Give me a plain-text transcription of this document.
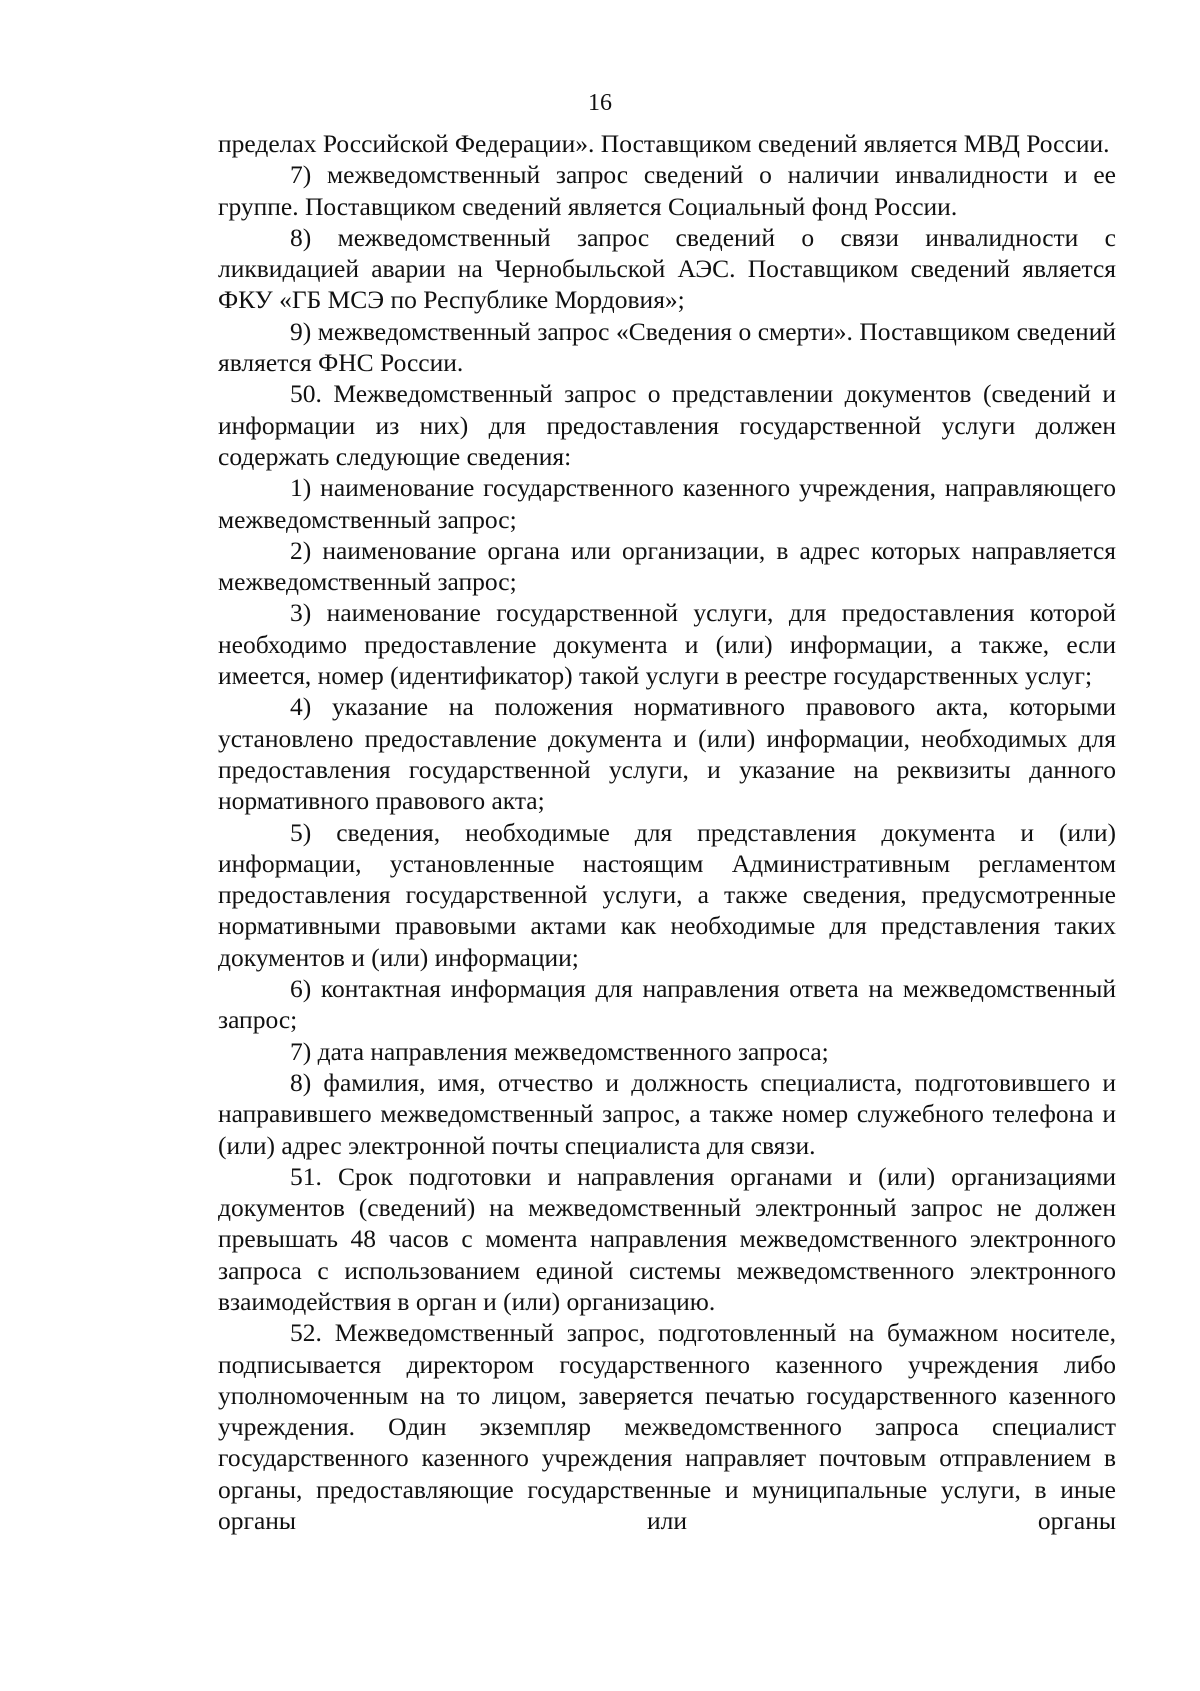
16

пределах Российской Федерации». Поставщиком сведений является МВД России.

7) межведомственный запрос сведений о наличии инвалидности и ее группе. Поставщиком сведений является Социальный фонд России.

8) межведомственный запрос сведений о связи инвалидности с ликвидацией аварии на Чернобыльской АЭС. Поставщиком сведений является ФКУ «ГБ МСЭ по Республике Мордовия»;

9) межведомственный запрос «Сведения о смерти». Поставщиком сведений является ФНС России.

50. Межведомственный запрос о представлении документов (сведений и информации из них) для предоставления государственной услуги должен содержать следующие сведения:

1) наименование государственного казенного учреждения, направляющего межведомственный запрос;

2) наименование органа или организации, в адрес которых направляется межведомственный запрос;

3) наименование государственной услуги, для предоставления которой необходимо предоставление документа и (или) информации, а также, если имеется, номер (идентификатор) такой услуги в реестре государственных услуг;

4) указание на положения нормативного правового акта, которыми установлено предоставление документа и (или) информации, необходимых для предоставления государственной услуги, и указание на реквизиты данного нормативного правового акта;

5) сведения, необходимые для представления документа и (или) информации, установленные настоящим Административным регламентом предоставления государственной услуги, а также сведения, предусмотренные нормативными правовыми актами как необходимые для представления таких документов и (или) информации;

6) контактная информация для направления ответа на межведомственный запрос;

7) дата направления межведомственного запроса;

8) фамилия, имя, отчество и должность специалиста, подготовившего и направившего межведомственный запрос, а также номер служебного телефона и (или) адрес электронной почты специалиста для связи.

51. Срок подготовки и направления органами и (или) организациями документов (сведений) на межведомственный электронный запрос не должен превышать 48 часов с момента направления межведомственного электронного запроса с использованием единой системы межведомственного электронного взаимодействия в орган и (или) организацию.

52. Межведомственный запрос, подготовленный на бумажном носителе, подписывается директором государственного казенного учреждения либо уполномоченным на то лицом, заверяется печатью государственного казенного учреждения. Один экземпляр межведомственного запроса специалист государственного казенного учреждения направляет почтовым отправлением в органы, предоставляющие государственные и муниципальные услуги, в иные органы или органы
